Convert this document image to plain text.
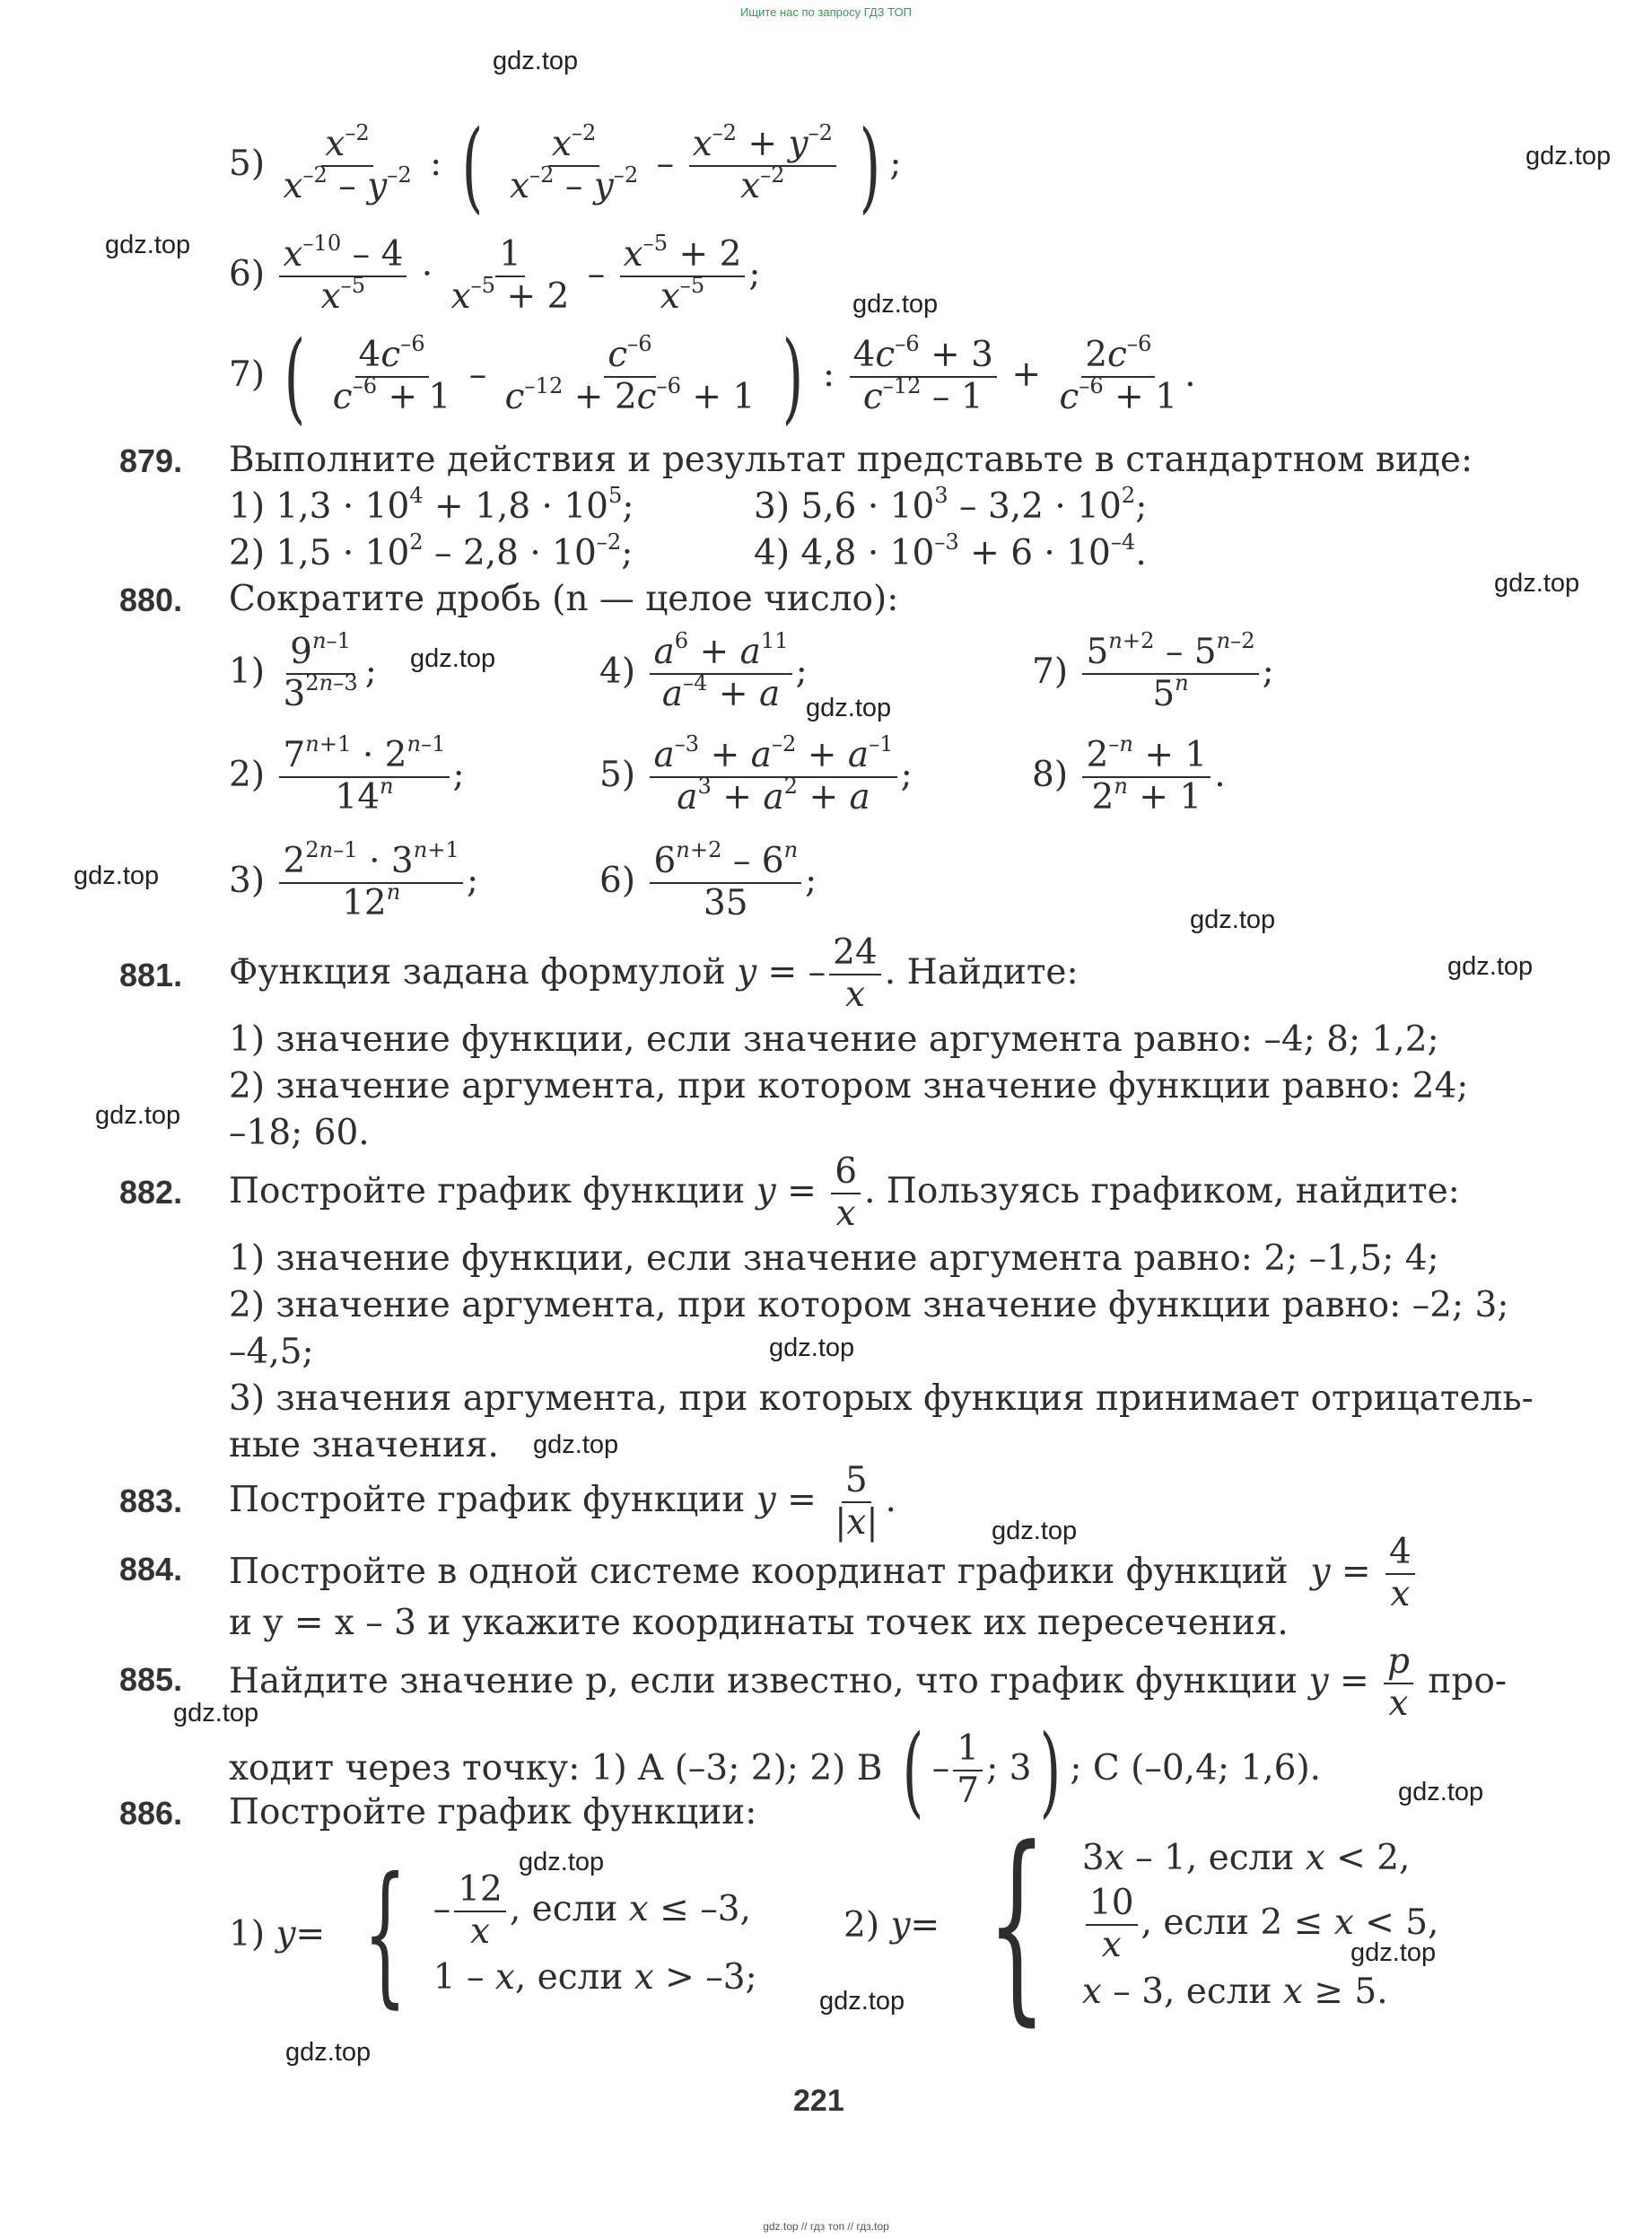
Ищите нас по запросу ГДЗ ТОП
gdz.top
gdz.top
gdz.top
gdz.top
gdz.top
gdz.top
gdz.top
gdz.top
gdz.top
gdz.top
gdz.top
gdz.top
gdz.top
gdz.top
gdz.top
gdz.top
gdz.top
gdz.top
gdz.top
gdz.top
$5) \frac{x^{-2}}{x^{-2} - y^{-2}}$ : ( $\frac{x^{-2}}{x^{-2} - y^{-2}} - \frac{x^{-2} + y^{-2}}{x^{-2}}$ ) ;
$6) \frac{x^{-10} - 4}{x^{-5}} \cdot \frac{1}{x^{-5} + 2} - \frac{x^{-5} + 2}{x^{-5}}$ ;
7) ( $\frac{4c^{-6}}{c^{-6} + 1} - \frac{c^{-6}}{c^{-12} + 2c^{-6} + 1}$ ) : $\frac{4c^{-6} + 3}{c^{-12} - 1} + \frac{2c^{-6}}{c^{-6} + 1}$ .
879. Выполните действия и результат представьте в стандартном виде:
1) $1,3 \cdot 10^4 + 1,8 \cdot 10^5$;	3) $5,6 \cdot 10^3 - 3,2 \cdot 10^2$;
2) $1,5 \cdot 10^2 - 2,8 \cdot 10^{-2}$;	4) $4,8 \cdot 10^{-3} + 6 \cdot 10^{-4}$.
880. Сократите дробь (n — целое число):
$1) \frac{9^{n-1}}{3^{2n-3}}$ ;	$4) \frac{a^6 + a^{11}}{a^{-4} + a}$ ;	$7) \frac{5^{n+2} - 5^{n-2}}{5^n}$ ;
$2) \frac{7^{n+1} \cdot 2^{n-1}}{14^n}$ ;	$5) \frac{a^{-3} + a^{-2} + a^{-1}}{a^3 + a^2 + a}$ ;	$8) \frac{2^{-n} + 1}{2^n + 1}$ .
$3) \frac{2^{2n-1} \cdot 3^{n+1}}{12^n}$ ;	$6) \frac{6^{n+2} - 6^n}{35}$ ;
881. Функция задана формулой y = – $\frac{24}{x}$ . Найдите:
1) значение функции, если значение аргумента равно: –4; 8; 1,2;
2) значение аргумента, при котором значение функции равно: 24;
–18; 60.
882. Постройте график функции $y = \frac{6}{x}$ . Пользуясь графиком, найдите:
1) значение функции, если значение аргумента равно: 2; –1,5; 4;
2) значение аргумента, при котором значение функции равно: –2; 3;
–4,5;
3) значения аргумента, при которых функция принимает отрицатель-
ные значения.
883. Постройте график функции $y = \frac{5}{|x|}$ .
884. Постройте в одной системе координат графики функций $y = \frac{4}{x}$
и y = x – 3 и укажите координаты точек их пересечения.
885. Найдите значение p, если известно, что график функции $y = \frac{p}{x} про-$
ходит через точку: 1) A (–3; 2); 2) B ( – $\frac{1}{7}$ ; 3) ; C (–0,4; 1,6).
886. Постройте график функции:
1) y = { – $\frac{12}{x}$ , если x ≤ –3,
1 – x, если x > –3;
2) y = { 3x – 1, если x < 2,
$\frac{10}{x}$ , если 2 ≤ x < 5,
x – 3, если x ≥ 5.
221
gdz.top // гдз топ // гдз.top
